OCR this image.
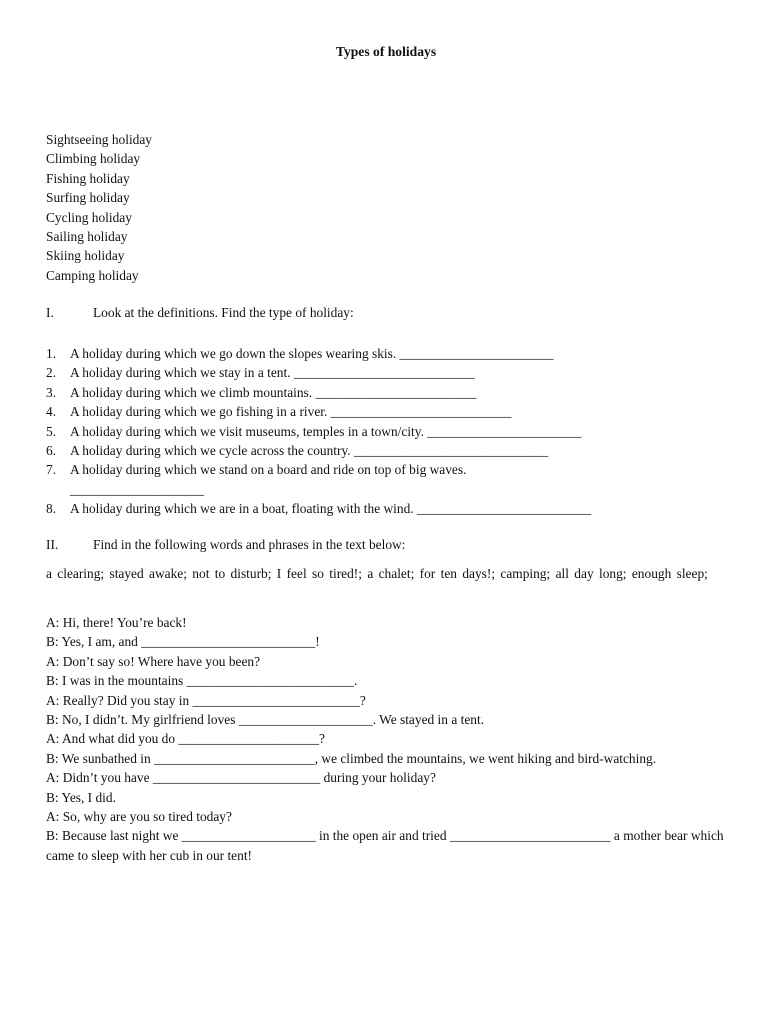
Types of holidays
Sightseeing holiday
Climbing holiday
Fishing holiday
Surfing holiday
Cycling holiday
Sailing holiday
Skiing holiday
Camping holiday
I.	Look at the definitions. Find the type of holiday:
1. A holiday during which we go down the slopes wearing skis. _______________________
2. A holiday during which we stay in a tent. ___________________________
3. A holiday during which we climb mountains. ________________________
4. A holiday during which we go fishing in a river. ___________________________
5. A holiday during which we visit museums, temples in a town/city. _______________________
6. A holiday during which we cycle across the country. _____________________________
7. A holiday during which we stand on a board and ride on top of big waves.
____________________
8. A holiday during which we are in a boat, floating with the wind. __________________________
II.	Find in the following words and phrases in the text below:
a clearing; stayed awake; not to disturb; I feel so tired!; a chalet; for ten days!; camping; all day long; enough sleep;
A: Hi, there! You’re back!
B: Yes, I am, and __________________________!
A: Don’t say so! Where have you been?
B: I was in the mountains _________________________.
A: Really? Did you stay in _________________________?
B: No, I didn’t. My girlfriend loves ____________________. We stayed in a tent.
A: And what did you do _____________________?
B: We sunbathed in ________________________, we climbed the mountains, we went hiking and bird-watching.
A: Didn’t you have _________________________ during your holiday?
B: Yes, I did.
A: So, why are you so tired today?
B: Because last night we ____________________ in the open air and tried ________________________ a mother bear which came to sleep with her cub in our tent!
